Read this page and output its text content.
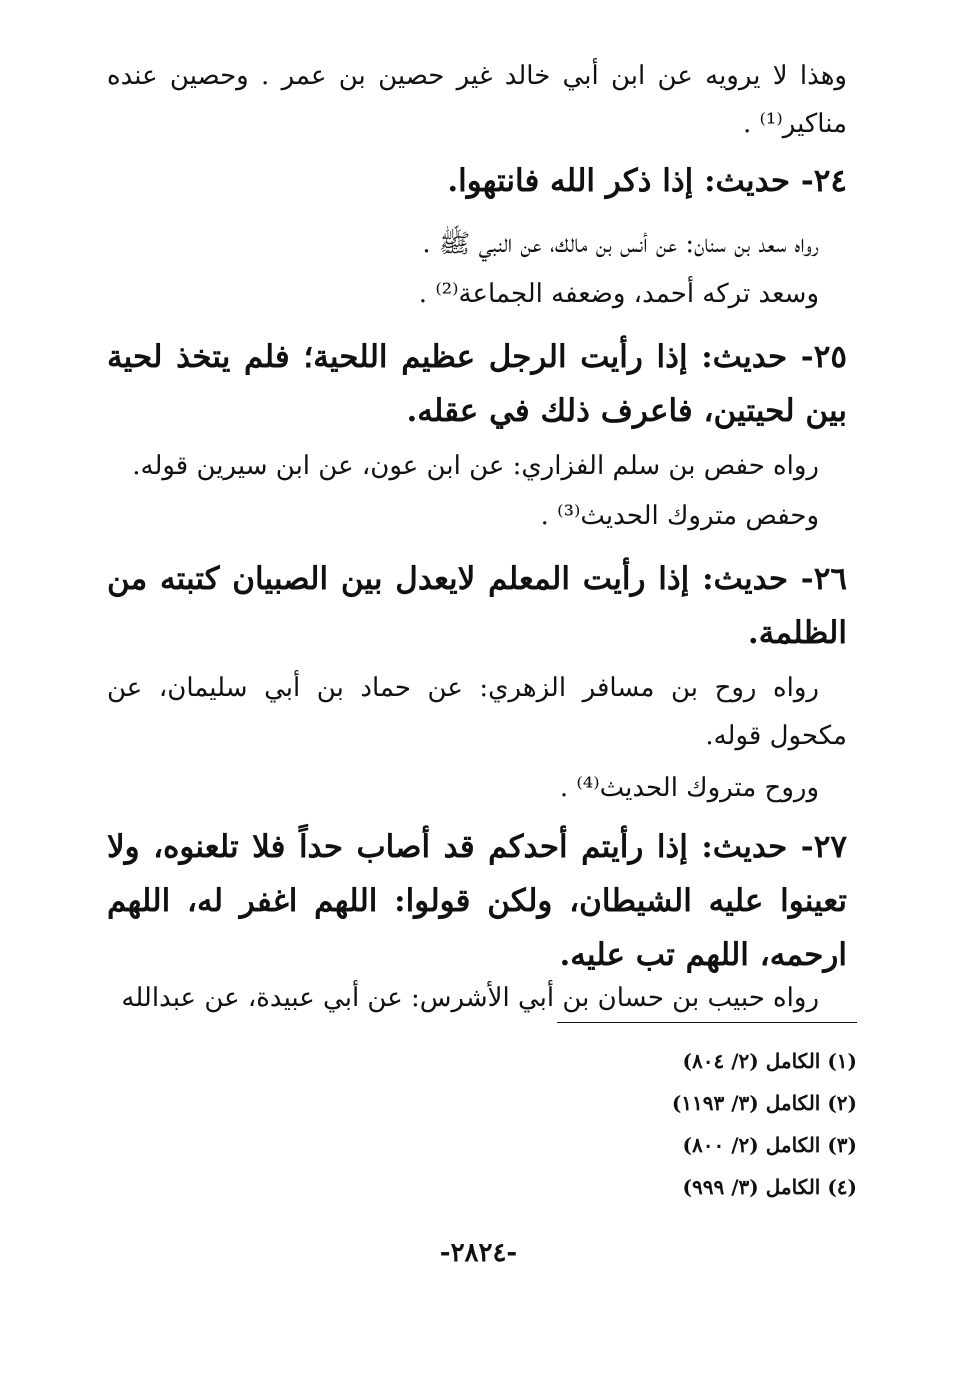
وهذا لا يرويه عن ابن أبي خالد غير حصين بن عمر . وحصين عنده مناكير⁽¹⁾ .
٢٤- حديث: إذا ذكر الله فانتهوا.
رواه سعد بن سنان: عن أنس بن مالك، عن النبي ﷺ .
وسعد تركه أحمد، وضعفه الجماعة⁽²⁾ .
٢٥- حديث: إذا رأيت الرجل عظيم اللحية؛ فلم يتخذ لحية بين لحيتين، فاعرف ذلك في عقله.
رواه حفص بن سلم الفزاري: عن ابن عون، عن ابن سيرين قوله.
وحفص متروك الحديث⁽³⁾ .
٢٦- حديث: إذا رأيت المعلم لايعدل بين الصبيان كتبته من الظلمة.
رواه روح بن مسافر الزهري: عن حماد بن أبي سليمان، عن مكحول قوله.
وروح متروك الحديث⁽⁴⁾ .
٢٧- حديث: إذا رأيتم أحدكم قد أصاب حداً فلا تلعنوه، ولا تعينوا عليه الشيطان، ولكن قولوا: اللهم اغفر له، اللهم ارحمه، اللهم تب عليه.
رواه حبيب بن حسان بن أبي الأشرس: عن أبي عبيدة، عن عبدالله
(١) الكامل (٢/ ٨٠٤)
(٢) الكامل (٣/ ١١٩٣)
(٣) الكامل (٢/ ٨٠٠)
(٤) الكامل (٣/ ٩٩٩)
-٢٨٢٤-
